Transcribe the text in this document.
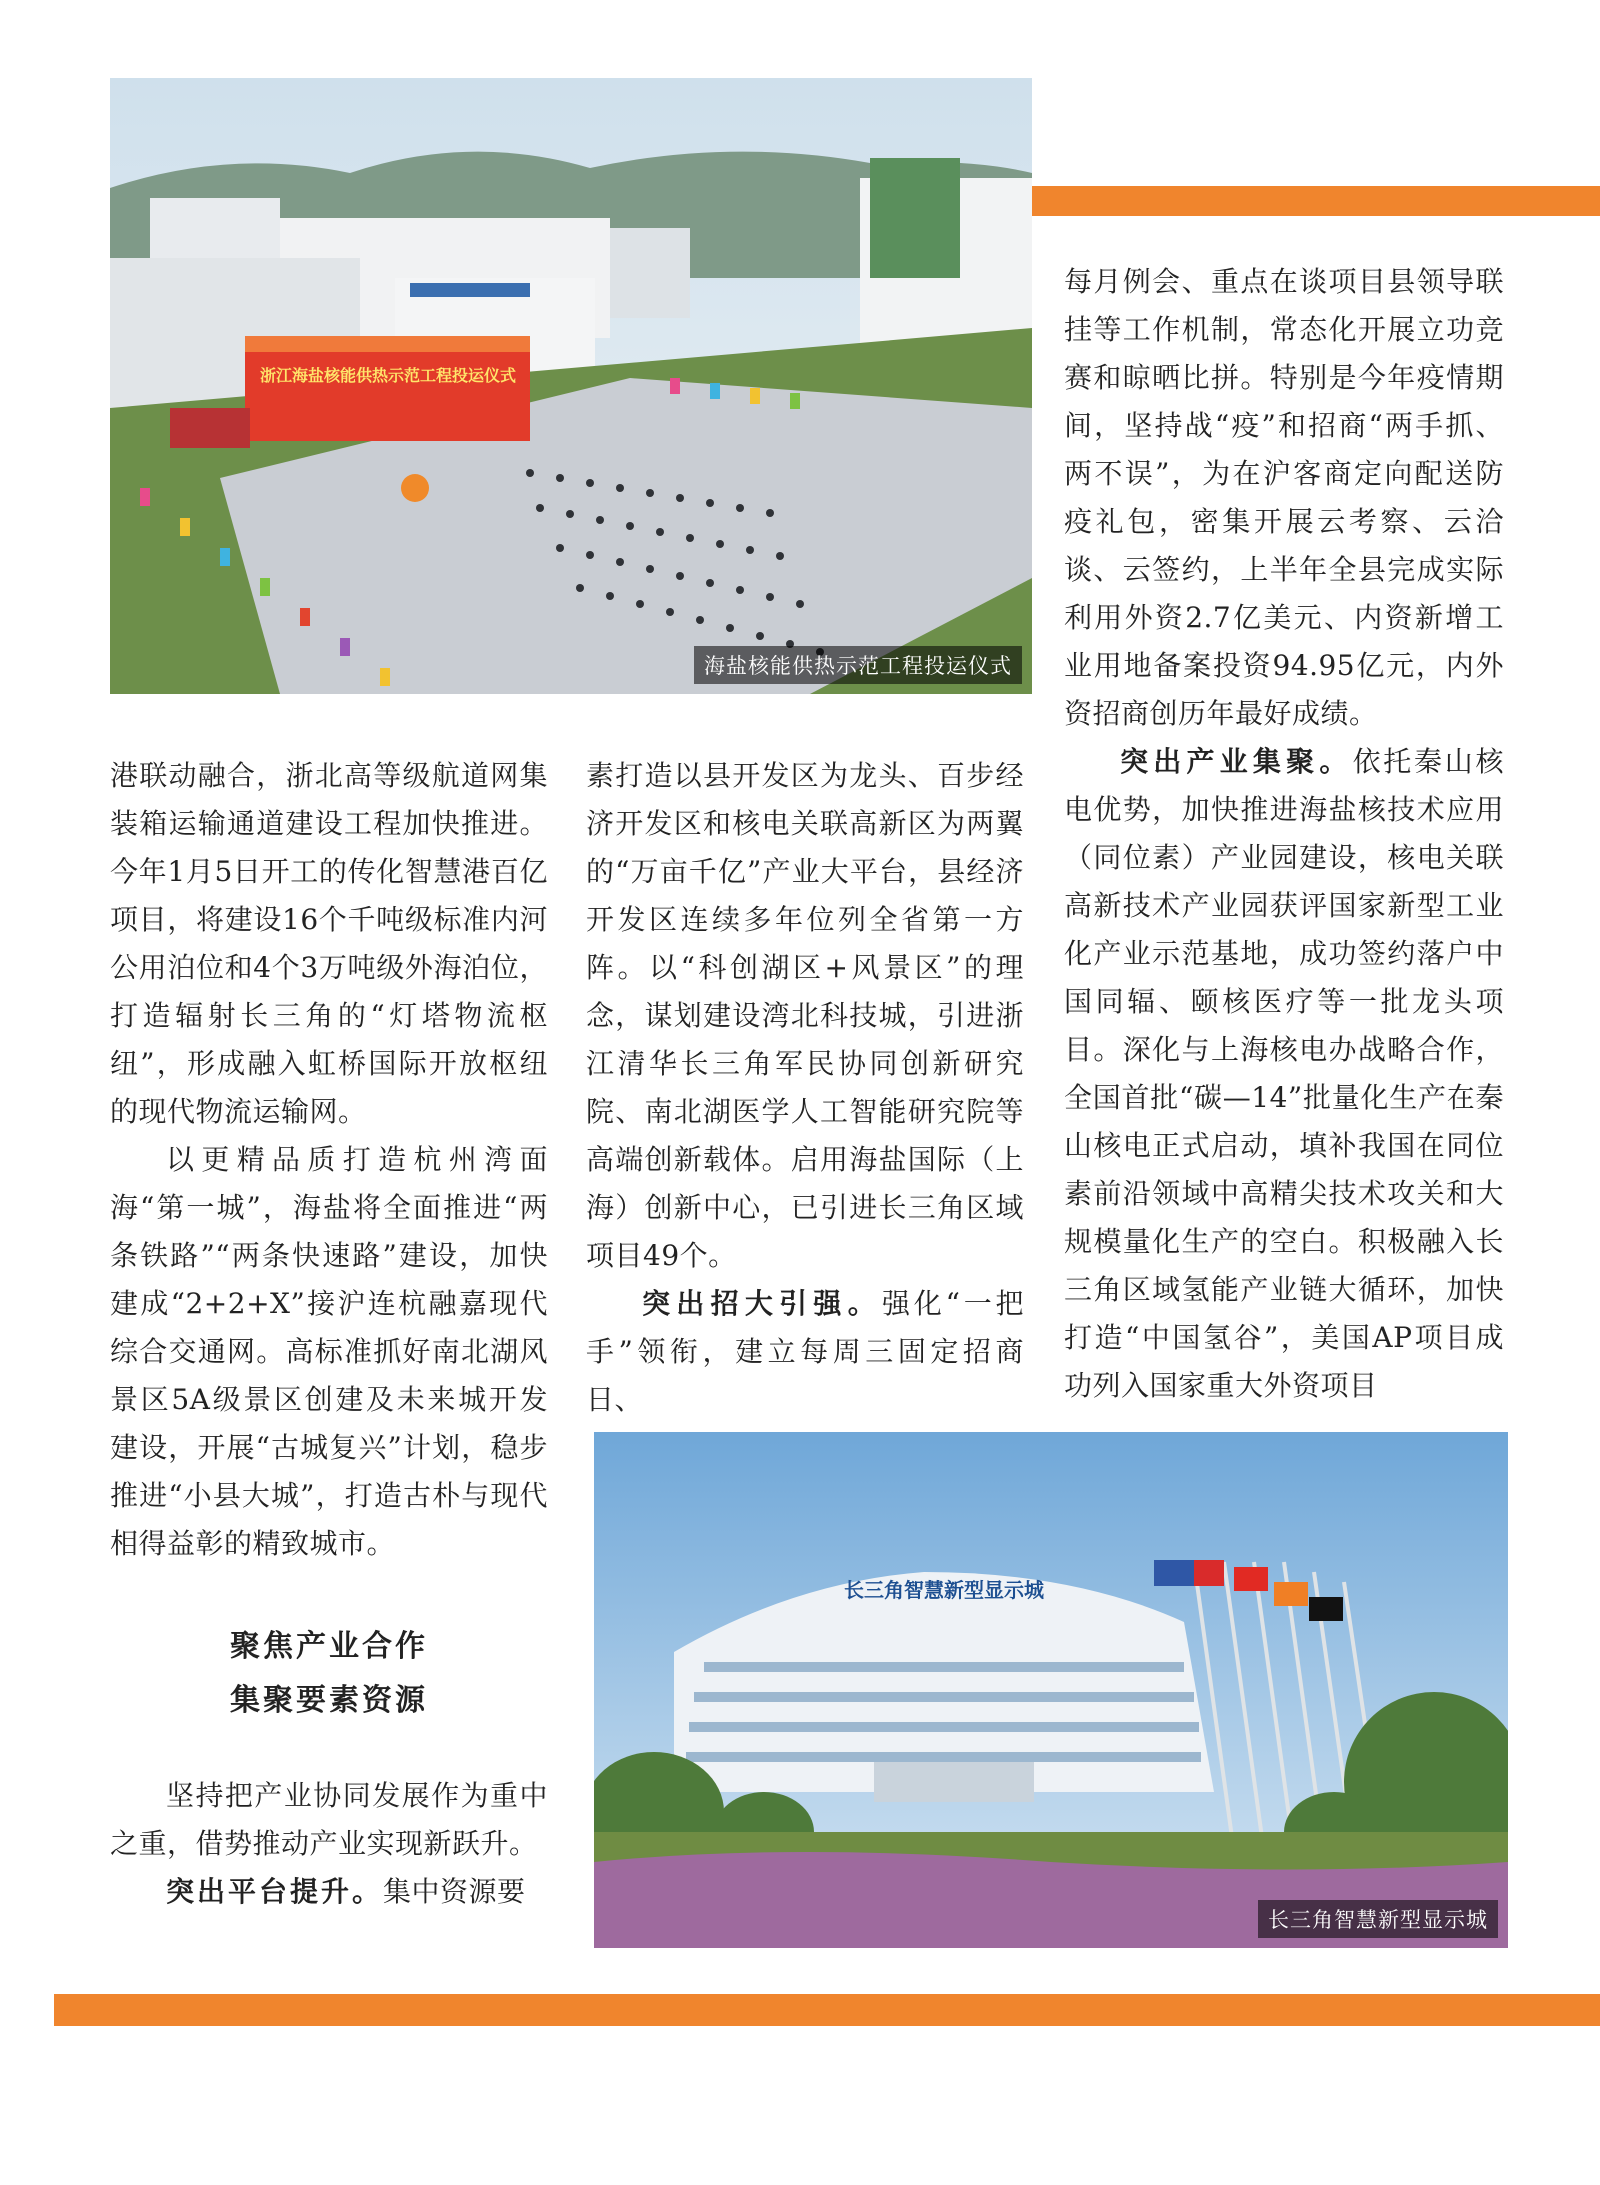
浙江海盐核能供热示范工程投运仪式
海盐核能供热示范工程投运仪式
长三角智慧新型显示城
长三角智慧新型显示城

港联动融合，浙北高等级航道网集装箱运输通道建设工程加快推进。今年1月5日开工的传化智慧港百亿项目，将建设16个千吨级标准内河公用泊位和4个3万吨级外海泊位，打造辐射长三角的“灯塔物流枢纽”，形成融入虹桥国际开放枢纽的现代物流运输网。

以更精品质打造杭州湾面海“第一城”，海盐将全面推进“两条铁路”“两条快速路”建设，加快建成“2+2+X”接沪连杭融嘉现代综合交通网。高标准抓好南北湖风景区5A级景区创建及未来城开发建设，开展“古城复兴”计划，稳步推进“小县大城”，打造古朴与现代相得益彰的精致城市。

聚焦产业合作
集聚要素资源

坚持把产业协同发展作为重中之重，借势推动产业实现新跃升。

突出平台提升。集中资源要

素打造以县开发区为龙头、百步经济开发区和核电关联高新区为两翼的“万亩千亿”产业大平台，县经济开发区连续多年位列全省第一方阵。以“科创湖区+风景区”的理念，谋划建设湾北科技城，引进浙江清华长三角军民协同创新研究院、南北湖医学人工智能研究院等高端创新载体。启用海盐国际（上海）创新中心，已引进长三角区域项目49个。

突出招大引强。强化“一把手”领衔，建立每周三固定招商日、

每月例会、重点在谈项目县领导联挂等工作机制，常态化开展立功竞赛和晾晒比拼。特别是今年疫情期间，坚持战“疫”和招商“两手抓、两不误”，为在沪客商定向配送防疫礼包，密集开展云考察、云洽谈、云签约，上半年全县完成实际利用外资2.7亿美元、内资新增工业用地备案投资94.95亿元，内外资招商创历年最好成绩。

突出产业集聚。依托秦山核电优势，加快推进海盐核技术应用（同位素）产业园建设，核电关联高新技术产业园获评国家新型工业化产业示范基地，成功签约落户中国同辐、颐核医疗等一批龙头项目。深化与上海核电办战略合作，全国首批“碳—14”批量化生产在秦山核电正式启动，填补我国在同位素前沿领域中高精尖技术攻关和大规模量化生产的空白。积极融入长三角区域氢能产业链大循环，加快打造“中国氢谷”，美国AP项目成功列入国家重大外资项目
